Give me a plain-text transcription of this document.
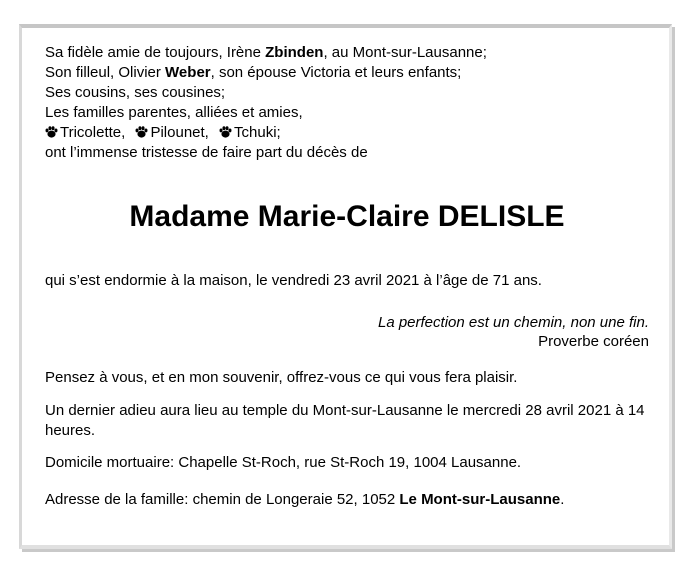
Sa fidèle amie de toujours, Irène Zbinden, au Mont-sur-Lausanne;
Son filleul, Olivier Weber, son épouse Victoria et leurs enfants;
Ses cousins, ses cousines;
Les familles parentes, alliées et amies,
Tricolette, Pilounet, Tchuki;
ont l’immense tristesse de faire part du décès de
Madame Marie-Claire DELISLE
qui s’est endormie à la maison, le vendredi 23 avril 2021 à l’âge de 71 ans.
La perfection est un chemin, non une fin.
Proverbe coréen
Pensez à vous, et en mon souvenir, offrez-vous ce qui vous fera plaisir.
Un dernier adieu aura lieu au temple du Mont-sur-Lausanne le mercredi 28 avril 2021 à 14 heures.
Domicile mortuaire: Chapelle St-Roch, rue St-Roch 19, 1004 Lausanne.
Adresse de la famille: chemin de Longeraie 52, 1052 Le Mont-sur-Lausanne.
